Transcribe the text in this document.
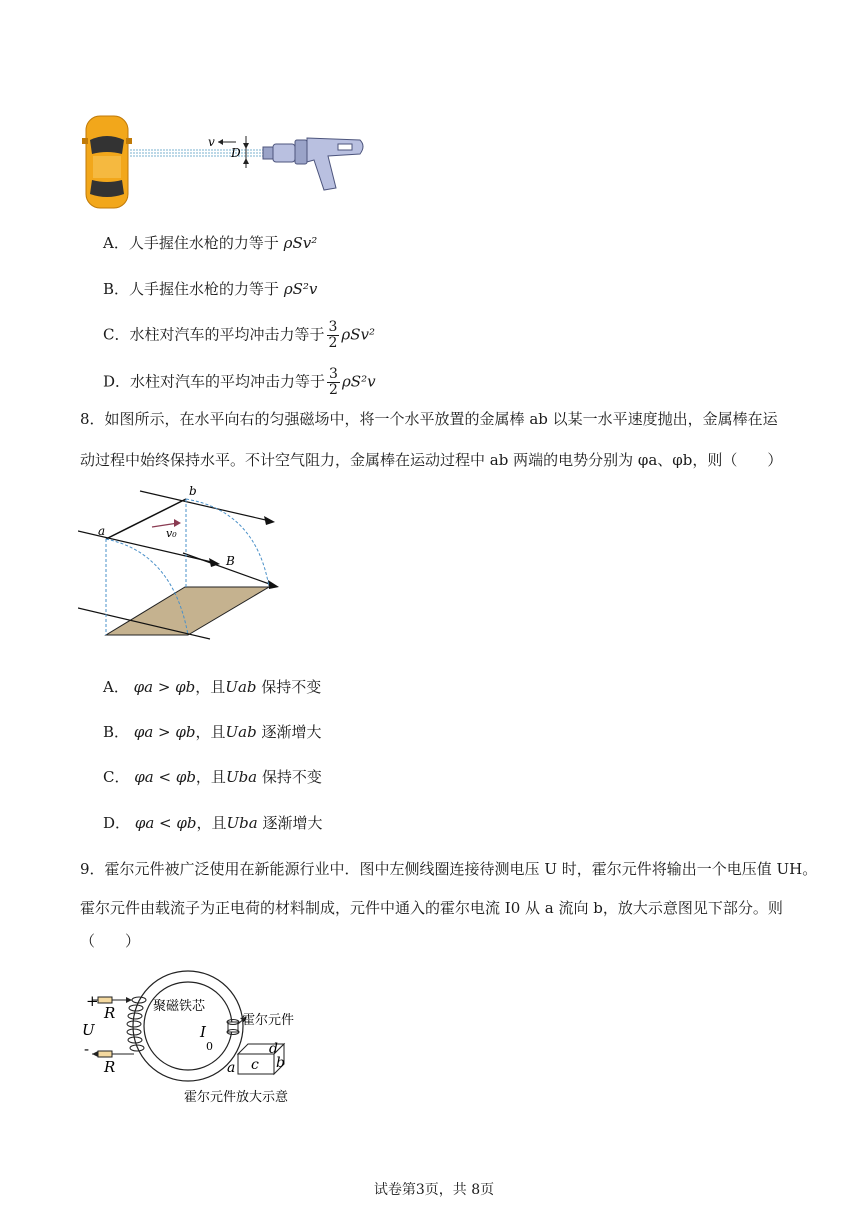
v
D
A．人手握住水枪的力等于 ρSv²
B．人手握住水枪的力等于 ρS²v
C．水柱对汽车的平均冲击力等于 $\frac{3}{2} \rho Sv^2$
D．水柱对汽车的平均冲击力等于 $\frac{3}{2} \rho S^2v$
8．如图所示，在水平向右的匀强磁场中，将一个水平放置的金属棒 ab 以某一水平速度抛出，金属棒在运
动过程中始终保持水平。不计空气阻力，金属棒在运动过程中 ab 两端的电势分别为 φa、φb，则（　　）
a
b
v₀
B
A． φa > φb，且Uab 保持不变
B． φa > φb，且Uab 逐渐增大
C． φa < φb，且Uba 保持不变
D． φa < φb，且Uba 逐渐增大
9．霍尔元件被广泛使用在新能源行业中．图中左侧线圈连接待测电压 U 时，霍尔元件将输出一个电压值 UH。
霍尔元件由载流子为正电荷的材料制成，元件中通入的霍尔电流 I0 从 a 流向 b，放大示意图见下部分。则
（　　）
+
R
U
-
R
聚磁铁芯
I
0
霍尔元件
d
a c b
霍尔元件放大示意
试卷第3页，共 8页
